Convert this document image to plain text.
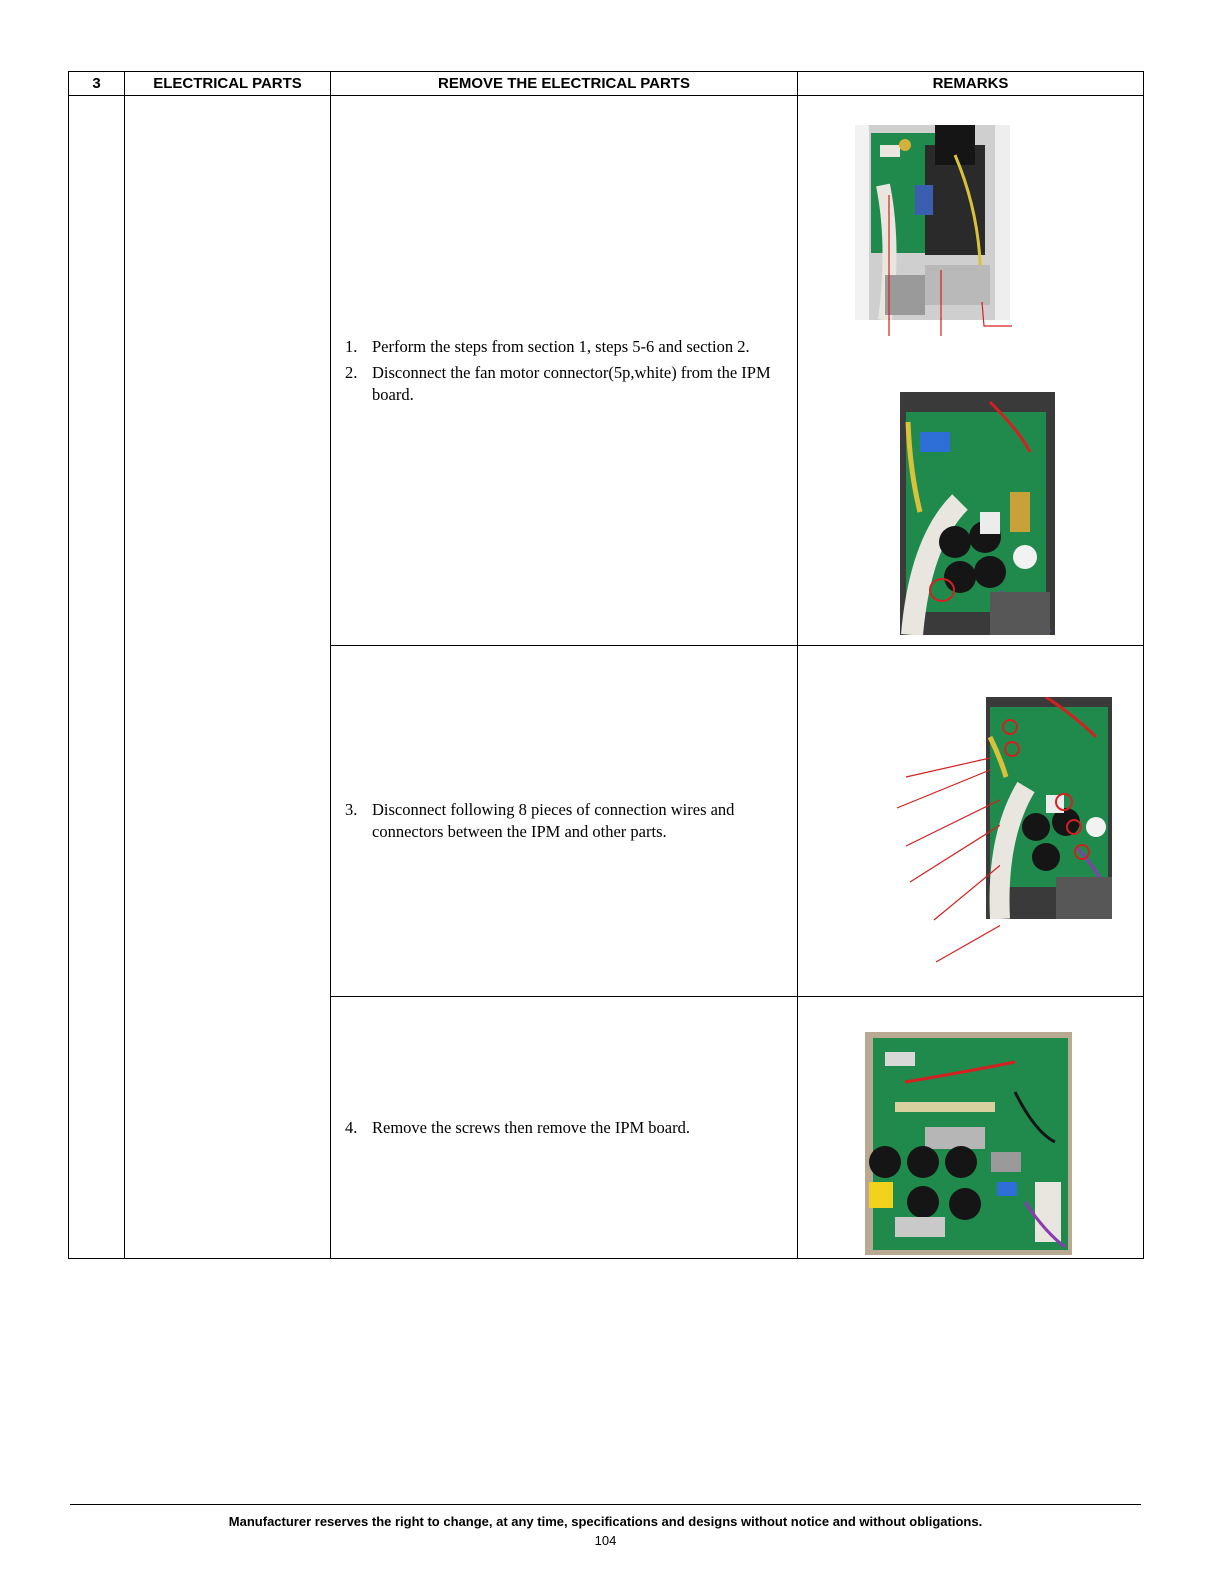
3	ELECTRICAL PARTS	REMOVE THE ELECTRICAL PARTS	REMARKS
1. Perform the steps from section 1, steps 5-6 and section 2.
2. Disconnect the fan motor connector(5p,white) from the IPM board.
3. Disconnect following 8 pieces of connection wires and connectors between the IPM and other parts.
4. Remove the screws then remove the IPM board.
Manufacturer reserves the right to change, at any time, specifications and designs without notice and without obligations.
104
